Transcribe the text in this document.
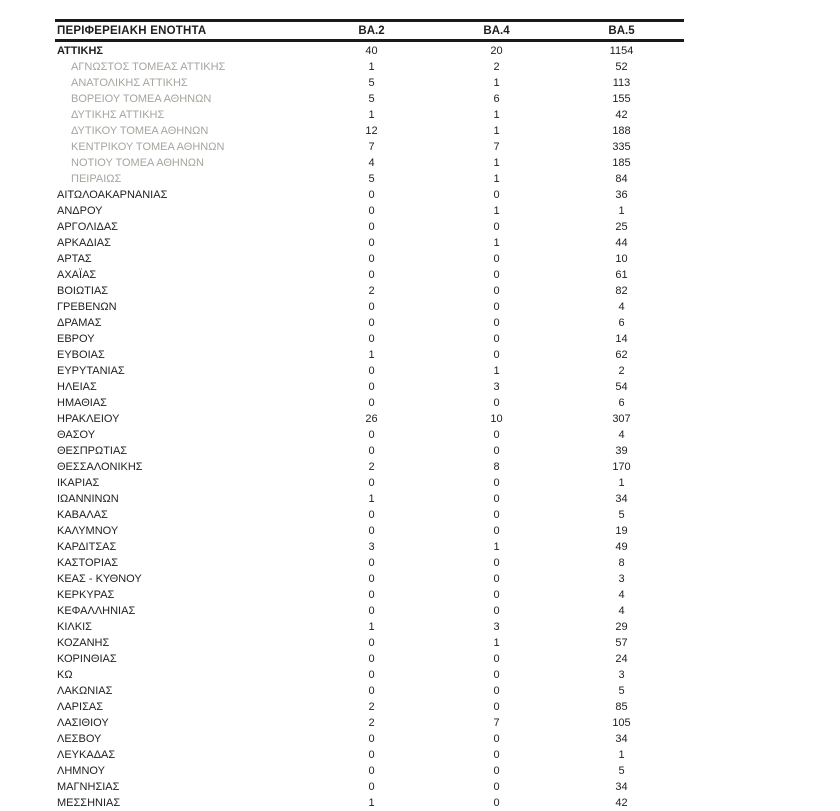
ΠΕΡΙΦΕΡΕΙΑΚΗ ΕΝΟΤΗΤΑ	BA.2	BA.4	BA.5
ΑΤΤΙΚΗΣ	40	20	1154
ΑΓΝΩΣΤΟΣ ΤΟΜΕΑΣ ΑΤΤΙΚΗΣ	1	2	52
ΑΝΑΤΟΛΙΚΗΣ ΑΤΤΙΚΗΣ	5	1	113
ΒΟΡΕΙΟΥ ΤΟΜΕΑ ΑΘΗΝΩΝ	5	6	155
ΔΥΤΙΚΗΣ ΑΤΤΙΚΗΣ	1	1	42
ΔΥΤΙΚΟΥ ΤΟΜΕΑ ΑΘΗΝΩΝ	12	1	188
ΚΕΝΤΡΙΚΟΥ ΤΟΜΕΑ ΑΘΗΝΩΝ	7	7	335
ΝΟΤΙΟΥ ΤΟΜΕΑ ΑΘΗΝΩΝ	4	1	185
ΠΕΙΡΑΙΩΣ	5	1	84
ΑΙΤΩΛΟΑΚΑΡΝΑΝΙΑΣ	0	0	36
ΑΝΔΡΟΥ	0	1	1
ΑΡΓΟΛΙΔΑΣ	0	0	25
ΑΡΚΑΔΙΑΣ	0	1	44
ΑΡΤΑΣ	0	0	10
ΑΧΑΪΑΣ	0	0	61
ΒΟΙΩΤΙΑΣ	2	0	82
ΓΡΕΒΕΝΩΝ	0	0	4
ΔΡΑΜΑΣ	0	0	6
ΕΒΡΟΥ	0	0	14
ΕΥΒΟΙΑΣ	1	0	62
ΕΥΡΥΤΑΝΙΑΣ	0	1	2
ΗΛΕΙΑΣ	0	3	54
ΗΜΑΘΙΑΣ	0	0	6
ΗΡΑΚΛΕΙΟΥ	26	10	307
ΘΑΣΟΥ	0	0	4
ΘΕΣΠΡΩΤΙΑΣ	0	0	39
ΘΕΣΣΑΛΟΝΙΚΗΣ	2	8	170
ΙΚΑΡΙΑΣ	0	0	1
ΙΩΑΝΝΙΝΩΝ	1	0	34
ΚΑΒΑΛΑΣ	0	0	5
ΚΑΛΥΜΝΟΥ	0	0	19
ΚΑΡΔΙΤΣΑΣ	3	1	49
ΚΑΣΤΟΡΙΑΣ	0	0	8
ΚΕΑΣ - ΚΥΘΝΟΥ	0	0	3
ΚΕΡΚΥΡΑΣ	0	0	4
ΚΕΦΑΛΛΗΝΙΑΣ	0	0	4
ΚΙΛΚΙΣ	1	3	29
ΚΟΖΑΝΗΣ	0	1	57
ΚΟΡΙΝΘΙΑΣ	0	0	24
ΚΩ	0	0	3
ΛΑΚΩΝΙΑΣ	0	0	5
ΛΑΡΙΣΑΣ	2	0	85
ΛΑΣΙΘΙΟΥ	2	7	105
ΛΕΣΒΟΥ	0	0	34
ΛΕΥΚΑΔΑΣ	0	0	1
ΛΗΜΝΟΥ	0	0	5
ΜΑΓΝΗΣΙΑΣ	0	0	34
ΜΕΣΣΗΝΙΑΣ	1	0	42
